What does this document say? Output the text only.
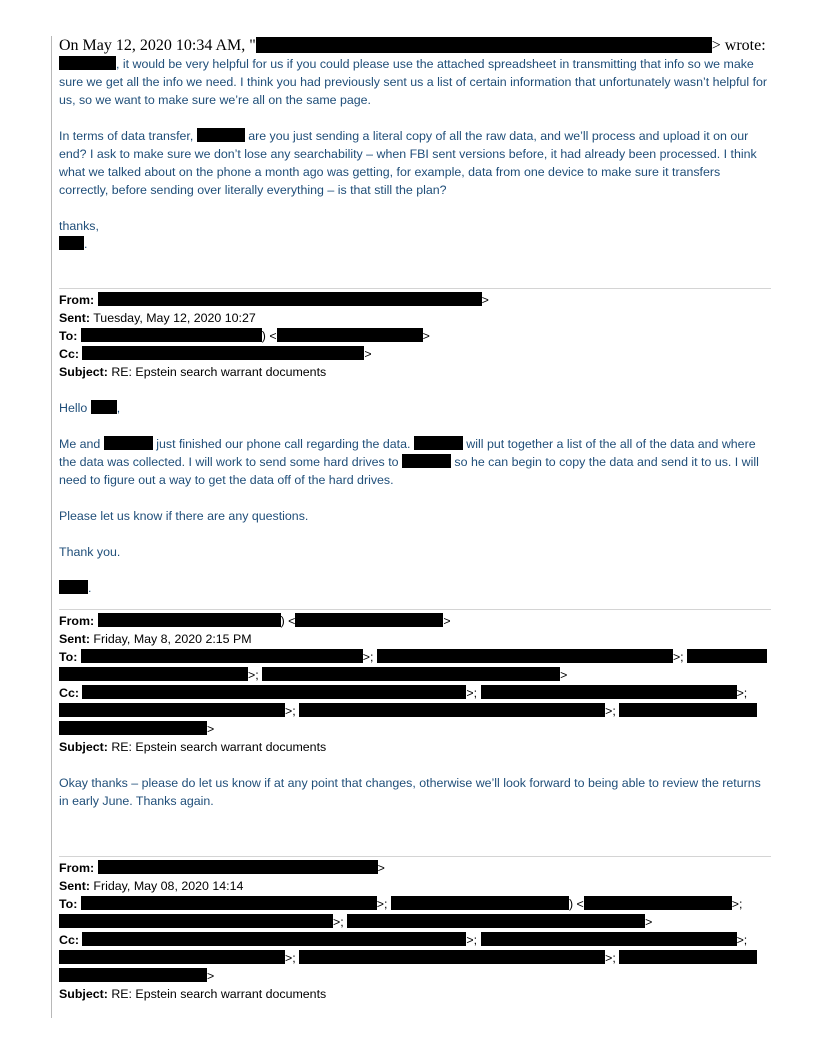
On May 12, 2020 10:34 AM, "	> wrote:

, it would be very helpful for us if you could please use the attached spreadsheet in transmitting that info so we make sure we get all the info we need. I think you had previously sent us a list of certain information that unfortunately wasn’t helpful for us, so we want to make sure we’re all on the same page.

In terms of data transfer,	are you just sending a literal copy of all the raw data, and we’ll process and upload it on our end? I ask to make sure we don’t lose any searchability – when FBI sent versions before, it had already been processed. I think what we talked about on the phone a month ago was getting, for example, data from one device to make sure it transfers correctly, before sending over literally everything – is that still the plan?

thanks,

.

From:	>
Sent: Tuesday, May 12, 2020 10:27
To:	) <	>
Cc:	>
Subject: RE: Epstein search warrant documents

Hello ,

Me and	just finished our phone call regarding the data.	will put together a list of the all of the data and where the data was collected. I will work to send some hard drives to	so he can begin to copy the data and send it to us. I will need to figure out a way to get the data off of the hard drives.

Please let us know if there are any questions.

Thank you.

.

From:	) <	>
Sent: Friday, May 8, 2020 2:15 PM
To:	>;	>;
>;	>
Cc:	>;	>;
>;	>;
>
Subject: RE: Epstein search warrant documents

Okay thanks – please do let us know if at any point that changes, otherwise we’ll look forward to being able to review the returns in early June. Thanks again.

From:	>
Sent: Friday, May 08, 2020 14:14
To:	>;	) <	>;
>;	>
Cc:	>;	>;
>;	>;
>
Subject: RE: Epstein search warrant documents
